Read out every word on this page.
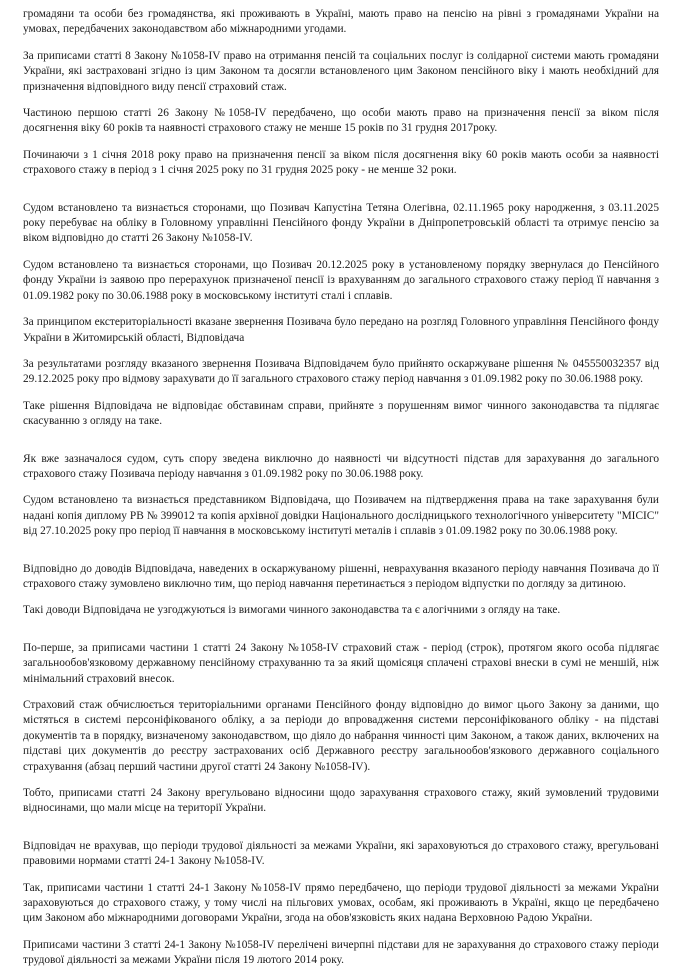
громадяни та особи без громадянства, які проживають в Україні, мають право на пенсію на рівні з громадянами України на умовах, передбачених законодавством або міжнародними угодами.

За приписами статті 8 Закону №1058-IV право на отримання пенсій та соціальних послуг із солідарної системи мають громадяни України, які застраховані згідно із цим Законом та досягли встановленого цим Законом пенсійного віку і мають необхідний для призначення відповідного виду пенсії страховий стаж.

Частиною першою статті 26 Закону №1058-IV передбачено, що особи мають право на призначення пенсії за віком після досягнення віку 60 років та наявності страхового стажу не менше 15 років по 31 грудня 2017року.

Починаючи з 1 січня 2018 року право на призначення пенсії за віком після досягнення віку 60 років мають особи за наявності страхового стажу в період з 1 січня 2025 року по 31 грудня 2025 року - не менше 32 роки.

Судом встановлено та визнається сторонами, що Позивач Капустіна Тетяна Олегівна, 02.11.1965 року народження, з 03.11.2025 року перебуває на обліку в Головному управлінні Пенсійного фонду України в Дніпропетровській області та отримує пенсію за віком відповідно до статті 26 Закону №1058-IV.

Судом встановлено та визнається сторонами, що Позивач 20.12.2025 року в установленому порядку звернулася до Пенсійного фонду України із заявою про перерахунок призначеної пенсії із врахуванням до загального страхового стажу період її навчання з 01.09.1982 року по 30.06.1988 року в московському інституті сталі і сплавів.

За принципом екстериторіальності вказане звернення Позивача було передано на розгляд Головного управління Пенсійного фонду України в Житомирській області, Відповідача

За результатами розгляду вказаного звернення Позивача Відповідачем було прийнято оскаржуване рішення № 045550032357 від 29.12.2025 року про відмову зарахувати до її загального страхового стажу період навчання з 01.09.1982 року по 30.06.1988 року.

Таке рішення Відповідача не відповідає обставинам справи, прийняте з порушенням вимог чинного законодавства та підлягає скасуванню з огляду на таке.

Як вже зазначалося судом, суть спору зведена виключно до наявності чи відсутності підстав для зарахування до загального страхового стажу Позивача періоду навчання з 01.09.1982 року по 30.06.1988 року.

Судом встановлено та визнається представником Відповідача, що Позивачем на підтвердження права на таке зарахування були надані копія диплому РВ № 399012 та копія архівної довідки Національного дослідницького технологічного університету "МІСІС" від 27.10.2025 року про період її навчання в московському інституті металів і сплавів з 01.09.1982 року по 30.06.1988 року.

Відповідно до доводів Відповідача, наведених в оскаржуваному рішенні, неврахування вказаного періоду навчання Позивача до її страхового стажу зумовлено виключно тим, що період навчання перетинається з періодом відпустки по догляду за дитиною.

Такі доводи Відповідача не узгоджуються із вимогами чинного законодавства та є алогічними з огляду на таке.

По-перше, за приписами частини 1 статті 24 Закону №1058-IV страховий стаж - період (строк), протягом якого особа підлягає загальнообов'язковому державному пенсійному страхуванню та за який щомісяця сплачені страхові внески в сумі не меншій, ніж мінімальний страховий внесок.

Страховий стаж обчислюється територіальними органами Пенсійного фонду відповідно до вимог цього Закону за даними, що містяться в системі персоніфікованого обліку, а за періоди до впровадження системи персоніфікованого обліку - на підставі документів та в порядку, визначеному законодавством, що діяло до набрання чинності цим Законом, а також даних, включених на підставі цих документів до реєстру застрахованих осіб Державного реєстру загальнообов'язкового державного соціального страхування (абзац перший частини другої статті 24 Закону №1058-IV).

Тобто, приписами статті 24 Закону врегульовано відносини щодо зарахування страхового стажу, який зумовлений трудовими відносинами, що мали місце на території України.

Відповідач не врахував, що періоди трудової діяльності за межами України, які зараховуються до страхового стажу, врегульовані правовими нормами статті 24-1 Закону №1058-IV.

Так, приписами частини 1 статті 24-1 Закону №1058-IV прямо передбачено, що періоди трудової діяльності за межами України зараховуються до страхового стажу, у тому числі на пільгових умовах, особам, які проживають в Україні, якщо це передбачено цим Законом або міжнародними договорами України, згода на обов'язковість яких надана Верховною Радою України.

Приписами частини 3 статті 24-1 Закону №1058-IV перелічені вичерпні підстави для не зарахування до страхового стажу періоди трудової діяльності за межами України після 19 лютого 2014 року.
